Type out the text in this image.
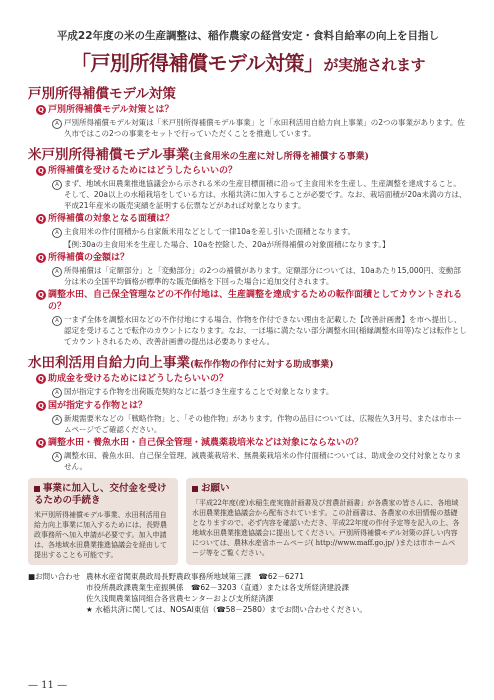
平成22年度の米の生産調整は、稲作農家の経営安定・食料自給率の向上を目指し

「戸別所得補償モデル対策」が実施されます
戸別所得補償モデル対策
Q 戸別所得補償モデル対策とは？
A 戸別所得補償モデル対策は「米戸別所得補償モデル事業」と「水田利活用自給力向上事業」の2つの事業があります。佐久市ではこの2つの事業をセットで行っていただくことを推進しています。
米戸別所得補償モデル事業(主食用米の生産に対し所得を補償する事業)
Q 所得補償を受けるためにはどうしたらいいの？
A まず、地域水田農業推進協議会から示される米の生産目標面積に沿って主食用米を生産し、生産調整を達成すること。そして、20a以上の水稲栽培をしている方は、水稲共済に加入することが必要です。なお、栽培面積が20a未満の方は、平成21年産米の販売実績を証明する伝票などがあれば対象となります。
Q 所得補償の対象となる面積は？
A 主食用米の作付面積から自家飯米用などとして一律10aを差し引いた面積となります。
【例:30aの主食用米を生産した場合、10aを控除した、20aが所得補償の対象面積になります。】
Q 所得補償の金額は？
A 所得補償は「定額部分」と「変動部分」の2つの補償があります。定額部分については、10aあたり15,000円、変動部分は米の全国平均価格が標準的な販売価格を下回った場合に追加交付されます。
Q 調整水田、自己保全管理などの不作付地は、生産調整を達成するための転作面積としてカウントされるの？
A 一まず全体を調整水田などの不作付地にする場合、作物を作付できない理由を記載した【改善計画書】を市へ提出し、認定を受けることで転作のカウントになります。なお、一ほ場に満たない部分調整水田(稲縁調整水田等)などは転作としてカウントされるため、改善計画書の提出は必要ありません。
水田利活用自給力向上事業(転作作物の作付に対する助成事業)
Q 助成金を受けるためにはどうしたらいいの？
A 国が指定する作物を出荷販売契約などに基づき生産することで対象となります。
Q 国が指定する作物とは？
A 新規需要米などの「戦略作物」と、「その他作物」があります。作物の品目については、広報佐久3月号、または市ホームページでご確認ください。
Q 調整水田・養魚水田・自己保全管理・減農薬栽培米などは対象にならないの？
A 調整水田、養魚水田、自己保全管理、減農薬栽培米、無農薬栽培米の作付面積については、助成金の交付対象となりません。
事業に加入し、交付金を受けるための手続き
米戸別所得補償モデル事業、水田利活用自給力向上事業に加入するためには、長野農政事務所へ加入申請が必要です。加入申請は、各地域水田農業推進協議会を経由して提出することも可能です。
お願い
「平成22年度(産)水稲生産実施計画書及び営農計画書」が各農家の皆さんに、各地域水田農業推進協議会から配布されています。この計画書は、各農家の水田情報の基礎となりますので、必ず内容を確認いただき、平成22年度の作付予定等を記入の上、各地域水田農業推進協議会に提出してください。戸別所得補償モデル対策の詳しい内容については、農林水産省ホームページ( http://www.maff.go.jp/ )または市ホームページ等をご覧ください。
■お問い合わせ 農林水産省関東農政局長野農政事務所地域第三課　☎62－6271
市役所農政課農業生産振興係　☎62－3203（直通）または各支所経済建設課
佐久浅間農業協同組合各営農センターおよび支所経済課
★ 水稲共済に関しては、NOSAI東信（☎58－2580）までお問い合わせください。
— 11 —
